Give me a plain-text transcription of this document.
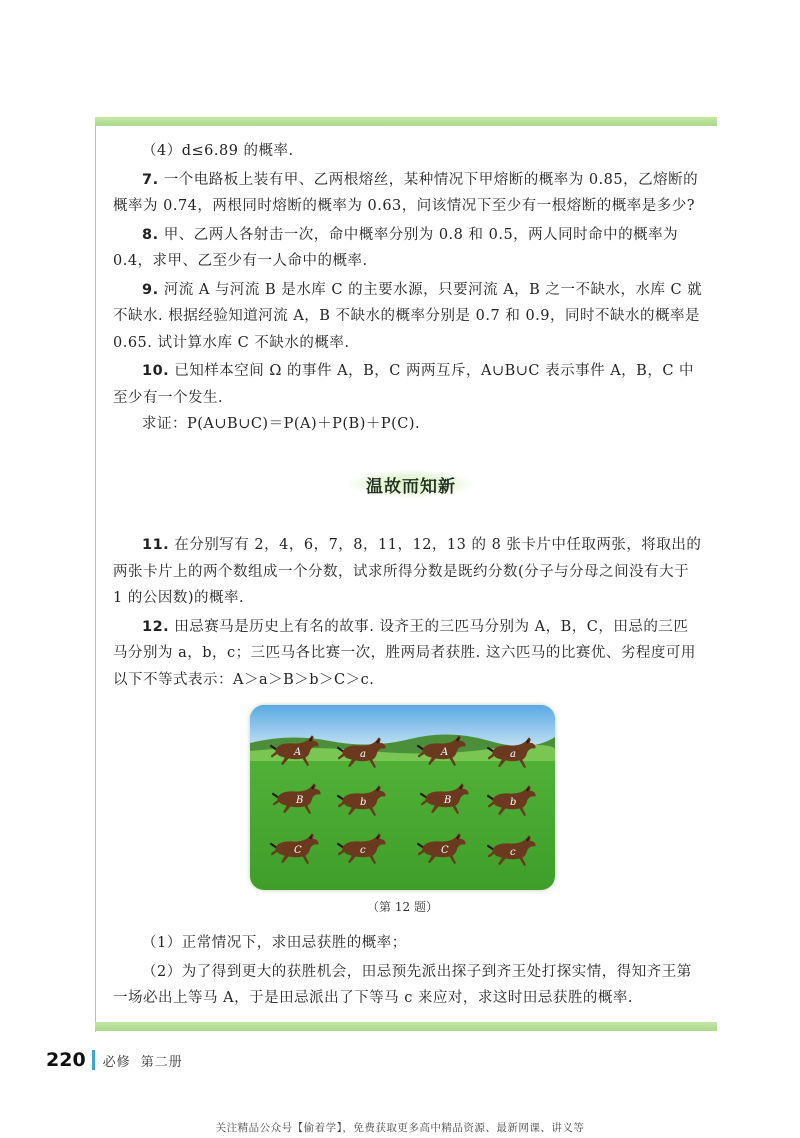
（4）d≤6.89 的概率.

7. 一个电路板上装有甲、乙两根熔丝，某种情况下甲熔断的概率为 0.85，乙熔断的概率为 0.74，两根同时熔断的概率为 0.63，问该情况下至少有一根熔断的概率是多少?

8. 甲、乙两人各射击一次，命中概率分别为 0.8 和 0.5，两人同时命中的概率为 0.4，求甲、乙至少有一人命中的概率.

9. 河流 A 与河流 B 是水库 C 的主要水源，只要河流 A，B 之一不缺水，水库 C 就不缺水. 根据经验知道河流 A，B 不缺水的概率分别是 0.7 和 0.9，同时不缺水的概率是 0.65. 试计算水库 C 不缺水的概率.

10. 已知样本空间 Ω 的事件 A，B，C 两两互斥，A∪B∪C 表示事件 A，B，C 中至少有一个发生.

求证：P(A∪B∪C)＝P(A)＋P(B)＋P(C).

温故而知新

11. 在分别写有 2，4，6，7，8，11，12，13 的 8 张卡片中任取两张，将取出的两张卡片上的两个数组成一个分数，试求所得分数是既约分数(分子与分母之间没有大于 1 的公因数)的概率.

12. 田忌赛马是历史上有名的故事. 设齐王的三匹马分别为 A，B，C，田忌的三匹马分别为 a，b，c；三匹马各比赛一次，胜两局者获胜. 这六匹马的比赛优、劣程度可用以下不等式表示：A＞a＞B＞b＞C＞c.

A	a	A	a
B	b	B	b
C	c	C	c
（第 12 题）

（1）正常情况下，求田忌获胜的概率；

（2）为了得到更大的获胜机会，田忌预先派出探子到齐王处打探实情，得知齐王第一场必出上等马 A，于是田忌派出了下等马 c 来应对，求这时田忌获胜的概率.

220 必修 第二册
关注精品公众号【偷着学】，免费获取更多高中精品资源、最新网课、讲义等
